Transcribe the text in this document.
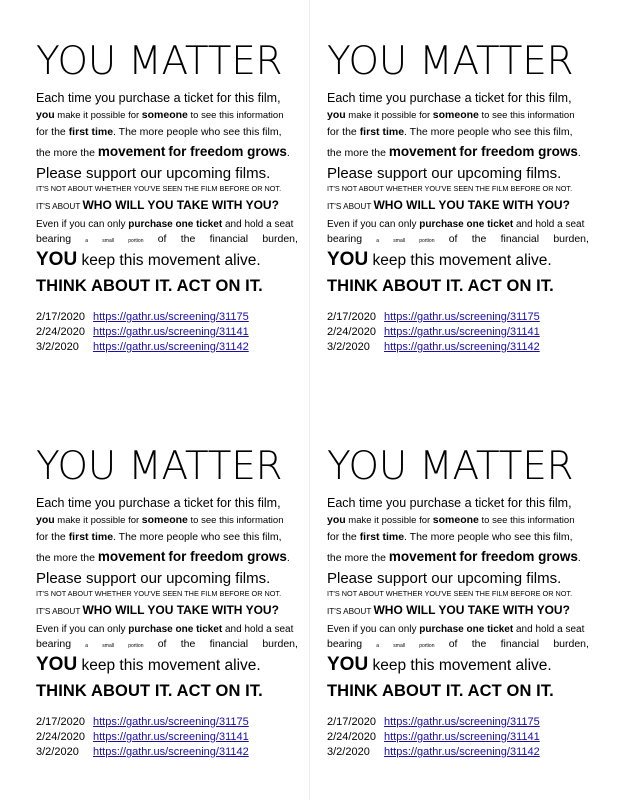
YOU MATTER
Each time you purchase a ticket for this film,
you make it possible for someone to see this information
for the first time. The more people who see this film,
the more the movement for freedom grows.
Please support our upcoming films.
IT'S NOT ABOUT WHETHER YOU'VE SEEN THE FILM BEFORE OR NOT.
IT'S ABOUT WHO WILL YOU TAKE WITH YOU?
Even if you can only purchase one ticket and hold a seat
bearing	a	small	portion of the financial burden,
YOU keep this movement alive.
THINK ABOUT IT. ACT ON IT.
2/17/2020 https://gathr.us/screening/31175
2/24/2020 https://gathr.us/screening/31141
3/2/2020 https://gathr.us/screening/31142
YOU MATTER
Each time you purchase a ticket for this film,
you make it possible for someone to see this information
for the first time. The more people who see this film,
the more the movement for freedom grows.
Please support our upcoming films.
IT'S NOT ABOUT WHETHER YOU'VE SEEN THE FILM BEFORE OR NOT.
IT'S ABOUT WHO WILL YOU TAKE WITH YOU?
Even if you can only purchase one ticket and hold a seat
bearing	a	small	portion of the financial burden,
YOU keep this movement alive.
THINK ABOUT IT. ACT ON IT.
2/17/2020 https://gathr.us/screening/31175
2/24/2020 https://gathr.us/screening/31141
3/2/2020 https://gathr.us/screening/31142
YOU MATTER
Each time you purchase a ticket for this film,
you make it possible for someone to see this information
for the first time. The more people who see this film,
the more the movement for freedom grows.
Please support our upcoming films.
IT'S NOT ABOUT WHETHER YOU'VE SEEN THE FILM BEFORE OR NOT.
IT'S ABOUT WHO WILL YOU TAKE WITH YOU?
Even if you can only purchase one ticket and hold a seat
bearing	a	small	portion of the financial burden,
YOU keep this movement alive.
THINK ABOUT IT. ACT ON IT.
2/17/2020 https://gathr.us/screening/31175
2/24/2020 https://gathr.us/screening/31141
3/2/2020 https://gathr.us/screening/31142
YOU MATTER
Each time you purchase a ticket for this film,
you make it possible for someone to see this information
for the first time. The more people who see this film,
the more the movement for freedom grows.
Please support our upcoming films.
IT'S NOT ABOUT WHETHER YOU'VE SEEN THE FILM BEFORE OR NOT.
IT'S ABOUT WHO WILL YOU TAKE WITH YOU?
Even if you can only purchase one ticket and hold a seat
bearing	a	small	portion of the financial burden,
YOU keep this movement alive.
THINK ABOUT IT. ACT ON IT.
2/17/2020 https://gathr.us/screening/31175
2/24/2020 https://gathr.us/screening/31141
3/2/2020 https://gathr.us/screening/31142
